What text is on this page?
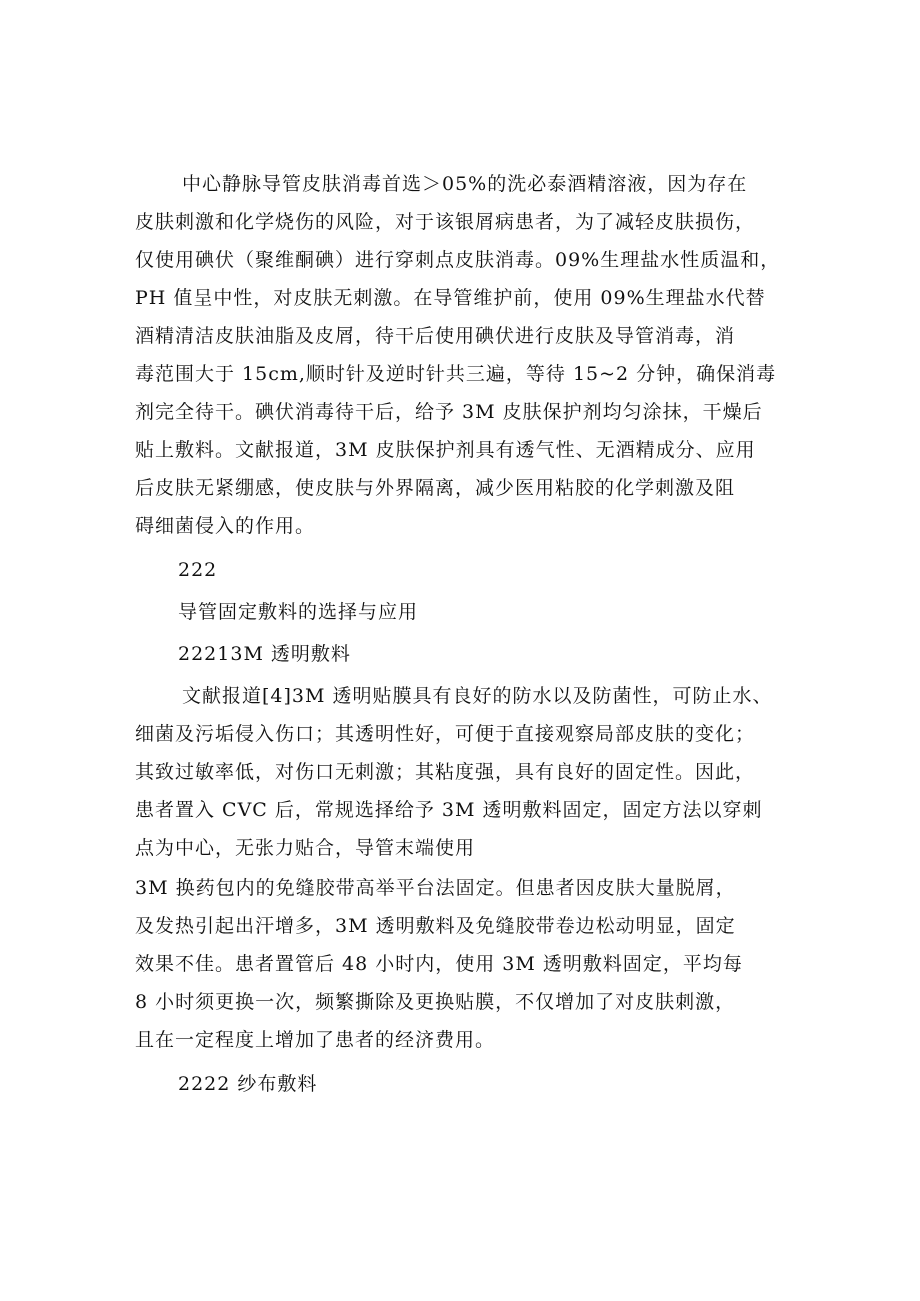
中心静脉导管皮肤消毒首选＞05%的洗必泰酒精溶液，因为存在
皮肤刺激和化学烧伤的风险，对于该银屑病患者，为了减轻皮肤损伤，
仅使用碘伏（聚维酮碘）进行穿刺点皮肤消毒。09%生理盐水性质温和，
PH 值呈中性，对皮肤无刺激。在导管维护前，使用 09%生理盐水代替
酒精清洁皮肤油脂及皮屑，待干后使用碘伏进行皮肤及导管消毒，消
毒范围大于 15cm,顺时针及逆时针共三遍，等待 15~2 分钟，确保消毒
剂完全待干。碘伏消毒待干后，给予 3M 皮肤保护剂均匀涂抹，干燥后
贴上敷料。文献报道，3M 皮肤保护剂具有透气性、无酒精成分、应用
后皮肤无紧绷感，使皮肤与外界隔离，减少医用粘胶的化学刺激及阻
碍细菌侵入的作用。
222
导管固定敷料的选择与应用
22213M 透明敷料
文献报道[4]3M 透明贴膜具有良好的防水以及防菌性，可防止水、
细菌及污垢侵入伤口；其透明性好，可便于直接观察局部皮肤的变化；
其致过敏率低，对伤口无刺激；其粘度强，具有良好的固定性。因此，
患者置入 CVC 后，常规选择给予 3M 透明敷料固定，固定方法以穿刺
点为中心，无张力贴合，导管末端使用
3M 换药包内的免缝胶带高举平台法固定。但患者因皮肤大量脱屑，
及发热引起出汗增多，3M 透明敷料及免缝胶带卷边松动明显，固定
效果不佳。患者置管后 48 小时内，使用 3M 透明敷料固定，平均每
8 小时须更换一次，频繁撕除及更换贴膜，不仅增加了对皮肤刺激，
且在一定程度上增加了患者的经济费用。
2222 纱布敷料
